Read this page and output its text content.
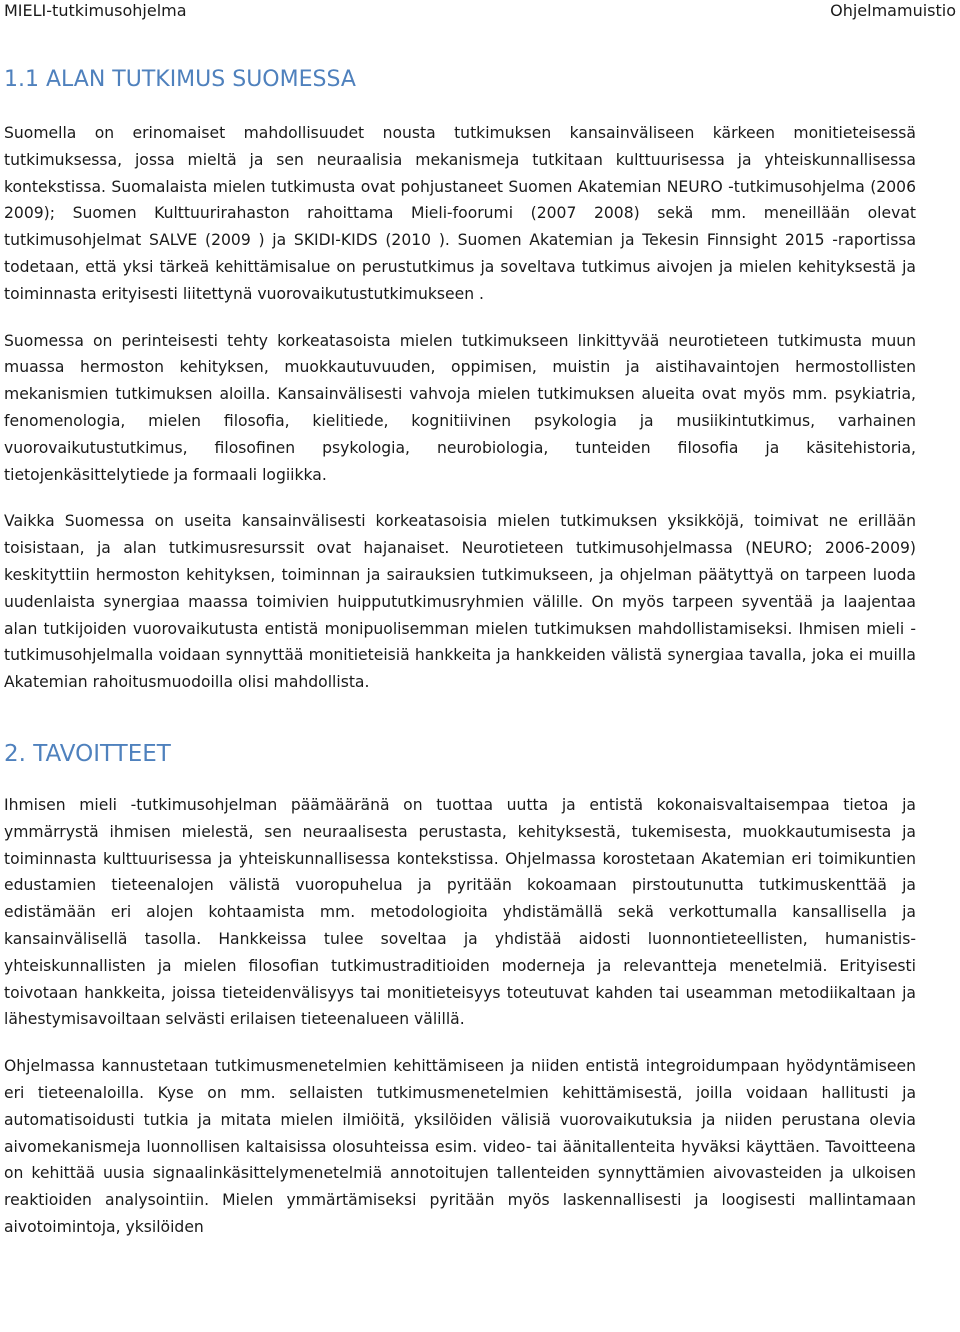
MIELI-tutkimusohjelma	Ohjelmamuistio
1.1 ALAN TUTKIMUS SUOMESSA

Suomella on erinomaiset mahdollisuudet nousta tutkimuksen kansainväliseen kärkeen monitieteisessä tutkimuksessa, jossa mieltä ja sen neuraalisia mekanismeja tutkitaan kulttuurisessa ja yhteiskunnallisessa kontekstissa. Suomalaista mielen tutkimusta ovat pohjustaneet Suomen Akatemian NEURO -tutkimusohjelma (2006 2009); Suomen Kulttuurirahaston rahoittama Mieli-foorumi (2007 2008) sekä mm. meneillään olevat tutkimusohjelmat SALVE (2009 ) ja SKIDI-KIDS (2010 ). Suomen Akatemian ja Tekesin Finnsight 2015 -raportissa todetaan, että yksi tärkeä kehittämisalue on perustutkimus ja soveltava tutkimus aivojen ja mielen kehityksestä ja toiminnasta erityisesti liitettynä vuorovaikutustutkimukseen .

Suomessa on perinteisesti tehty korkeatasoista mielen tutkimukseen linkittyvää neurotieteen tutkimusta muun muassa hermoston kehityksen, muokkautuvuuden, oppimisen, muistin ja aistihavaintojen hermostollisten mekanismien tutkimuksen aloilla. Kansainvälisesti vahvoja mielen tutkimuksen alueita ovat myös mm. psykiatria, fenomenologia, mielen filosofia, kielitiede, kognitiivinen psykologia ja musiikintutkimus, varhainen vuorovaikutustutkimus, filosofinen psykologia, neurobiologia, tunteiden filosofia ja käsitehistoria, tietojenkäsittelytiede ja formaali logiikka.

Vaikka Suomessa on useita kansainvälisesti korkeatasoisia mielen tutkimuksen yksikköjä, toimivat ne erillään toisistaan, ja alan tutkimusresurssit ovat hajanaiset. Neurotieteen tutkimusohjelmassa (NEURO; 2006-2009) keskityttiin hermoston kehityksen, toiminnan ja sairauksien tutkimukseen, ja ohjelman päätyttyä on tarpeen luoda uudenlaista synergiaa maassa toimivien huippututkimusryhmien välille. On myös tarpeen syventää ja laajentaa alan tutkijoiden vuorovaikutusta entistä monipuolisemman mielen tutkimuksen mahdollistamiseksi. Ihmisen mieli -tutkimusohjelmalla voidaan synnyttää monitieteisiä hankkeita ja hankkeiden välistä synergiaa tavalla, joka ei muilla Akatemian rahoitusmuodoilla olisi mahdollista.

2. TAVOITTEET

Ihmisen mieli -tutkimusohjelman päämääränä on tuottaa uutta ja entistä kokonaisvaltaisempaa tietoa ja ymmärrystä ihmisen mielestä, sen neuraalisesta perustasta, kehityksestä, tukemisesta, muokkautumisesta ja toiminnasta kulttuurisessa ja yhteiskunnallisessa kontekstissa. Ohjelmassa korostetaan Akatemian eri toimikuntien edustamien tieteenalojen välistä vuoropuhelua ja pyritään kokoamaan pirstoutunutta tutkimuskenttää ja edistämään eri alojen kohtaamista mm. metodologioita yhdistämällä sekä verkottumalla kansallisella ja kansainvälisellä tasolla. Hankkeissa tulee soveltaa ja yhdistää aidosti luonnontieteellisten, humanistis-yhteiskunnallisten ja mielen filosofian tutkimustraditioiden moderneja ja relevantteja menetelmiä. Erityisesti toivotaan hankkeita, joissa tieteidenvälisyys tai monitieteisyys toteutuvat kahden tai useamman metodiikaltaan ja lähestymisavoiltaan selvästi erilaisen tieteenalueen välillä.

Ohjelmassa kannustetaan tutkimusmenetelmien kehittämiseen ja niiden entistä integroidumpaan hyödyntämiseen eri tieteenaloilla. Kyse on mm. sellaisten tutkimusmenetelmien kehittämisestä, joilla voidaan hallitusti ja automatisoidusti tutkia ja mitata mielen ilmiöitä, yksilöiden välisiä vuorovaikutuksia ja niiden perustana olevia aivomekanismeja luonnollisen kaltaisissa olosuhteissa esim. video- tai äänitallenteita hyväksi käyttäen. Tavoitteena on kehittää uusia signaalinkäsittelymenetelmiä annotoitujen tallenteiden synnyttämien aivovasteiden ja ulkoisen reaktioiden analysointiin. Mielen ymmärtämiseksi pyritään myös laskennallisesti ja loogisesti mallintamaan aivotoimintoja, yksilöiden
